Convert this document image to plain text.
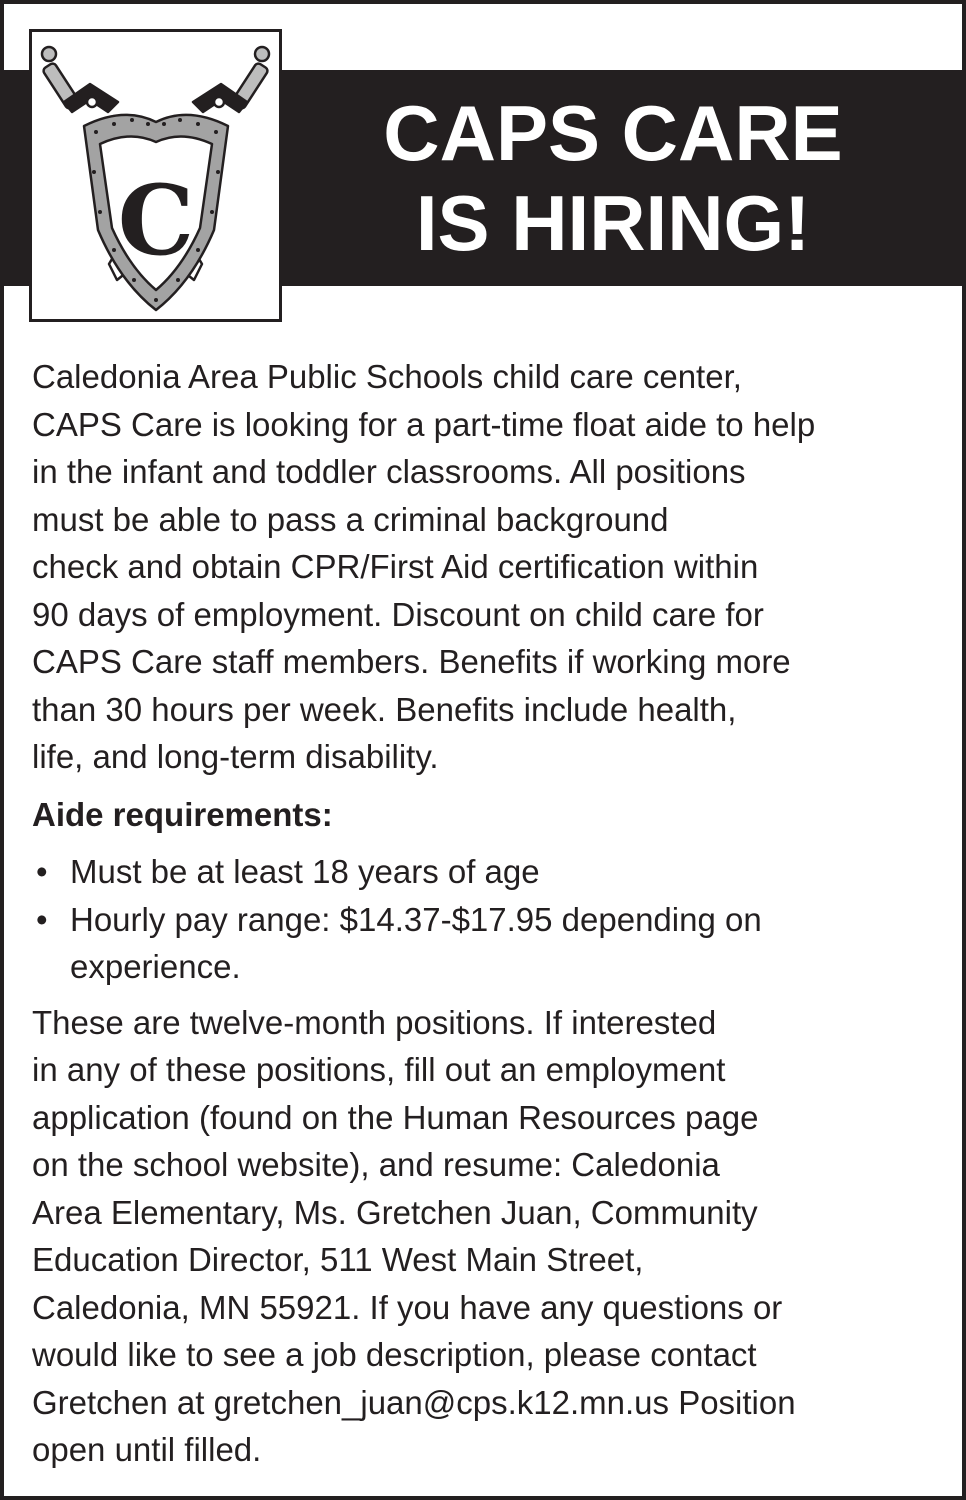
CAPS CARE
IS HIRING!
C

Caledonia Area Public Schools child care center,
CAPS Care is looking for a part-time float aide to help
in the infant and toddler classrooms. All positions
must be able to pass a criminal background
check and obtain CPR/First Aid certification within
90 days of employment. Discount on child care for
CAPS Care staff members. Benefits if working more
than 30 hours per week. Benefits include health,
life, and long-term disability.

Aide requirements:

• Must be at least 18 years of age
• Hourly pay range: $14.37-$17.95 depending on
experience.

These are twelve-month positions. If interested
in any of these positions, fill out an employment
application (found on the Human Resources page
on the school website), and resume: Caledonia
Area Elementary, Ms. Gretchen Juan, Community
Education Director, 511 West Main Street,
Caledonia, MN 55921. If you have any questions or
would like to see a job description, please contact
Gretchen at gretchen_juan@cps.k12.mn.us Position
open until filled.
